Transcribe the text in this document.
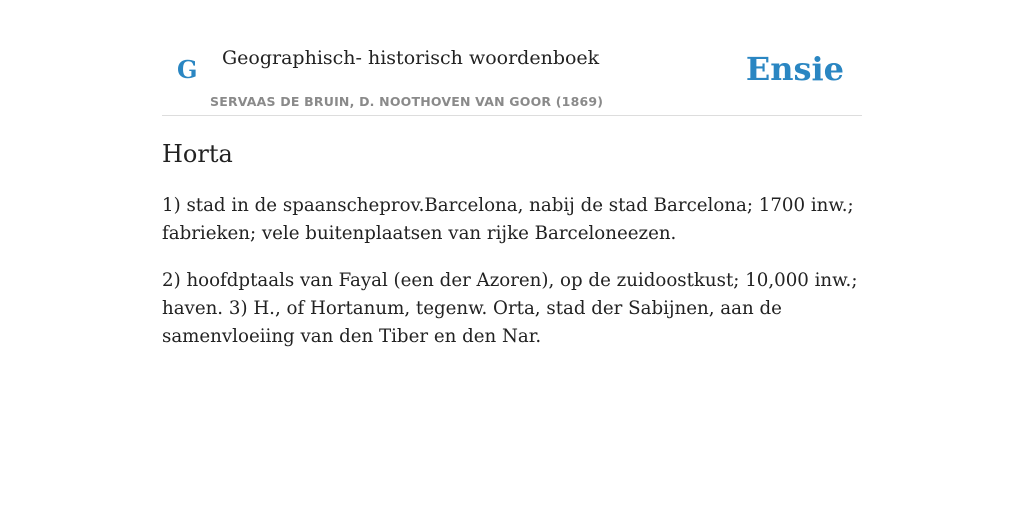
G Geographisch- historisch woordenboek
SERVAAS DE BRUIN, D. NOOTHOVEN VAN GOOR (1869)
Ensie
Horta

1) stad in de spaanscheprov.Barcelona, nabij de stad Barcelona; 1700 inw.; fabrieken; vele buitenplaatsen van rijke Barceloneezen.

2) hoofdptaals van Fayal (een der Azoren), op de zuidoostkust; 10,000 inw.; haven. 3) H., of Hortanum, tegenw. Orta, stad der Sabijnen, aan de samenvloeiing van den Tiber en den Nar.
